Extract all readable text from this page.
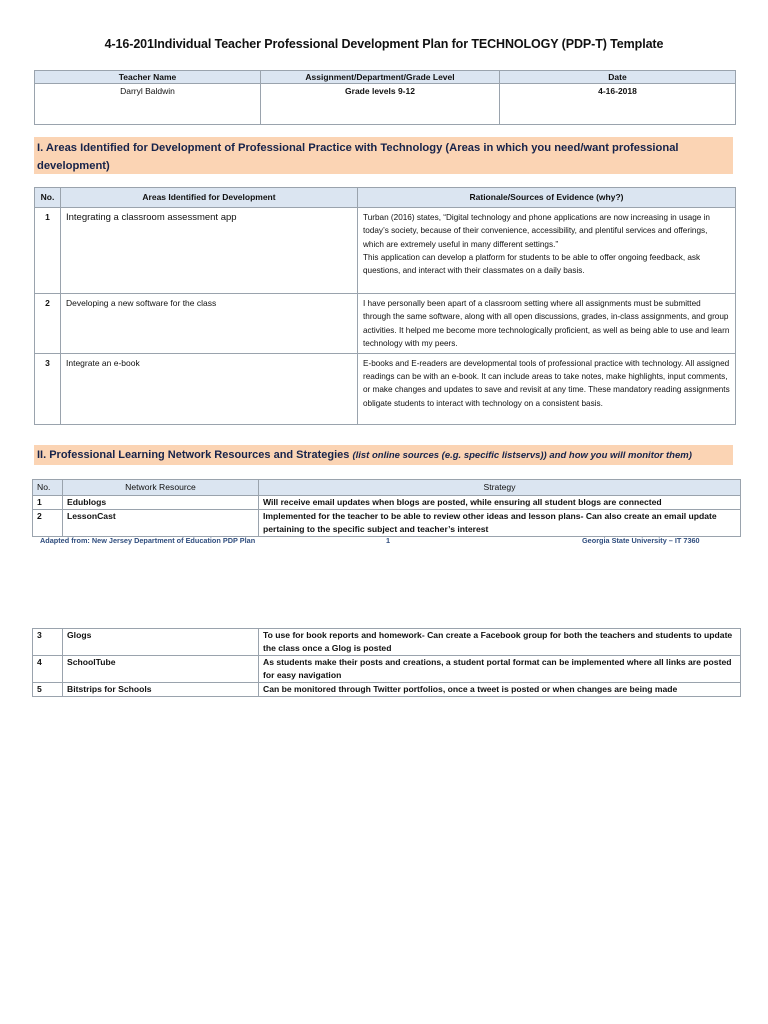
4-16-201Individual Teacher Professional Development Plan for TECHNOLOGY (PDP-T) Template
Teacher Name	Assignment/Department/Grade Level	Date
Darryl Baldwin	Grade levels 9-12	4-16-2018
I. Areas Identified for Development of Professional Practice with Technology (Areas in which you need/want professional development)
No.	Areas Identified for Development	Rationale/Sources of Evidence (why?)
1	Integrating a classroom assessment app	Turban (2016) states, “Digital technology and phone applications are now increasing in usage in today’s society, because of their convenience, accessibility, and plentiful services and offerings, which are extremely useful in many different settings.”
This application can develop a platform for students to be able to offer ongoing feedback, ask questions, and interact with their classmates on a daily basis.

2	Developing a new software for the class	I have personally been apart of a classroom setting where all assignments must be submitted through the same software, along with all open discussions, grades, in-class assignments, and group activities. It helped me become more technologically proficient, as well as being able to use and learn technology with my peers.
3	Integrate an e-book	E-books and E-readers are developmental tools of professional practice with technology. All assigned readings can be with an e-book. It can include areas to take notes, make highlights, input comments, or make changes and updates to save and revisit at any time. These mandatory reading assignments obligate students to interact with technology on a consistent basis.
II. Professional Learning Network Resources and Strategies (list online sources (e.g. specific listservs)) and how you will monitor them)
No.	Network Resource	Strategy
1	Edublogs	Will receive email updates when blogs are posted, while ensuring all student blogs are connected
2	LessonCast	Implemented for the teacher to be able to review other ideas and lesson plans- Can also create an email update pertaining to the specific subject and teacher’s interest
Adapted from: New Jersey Department of Education PDP Plan	1	Georgia State University – IT 7360
3	Glogs	To use for book reports and homework- Can create a Facebook group for both the teachers and students to update the class once a Glog is posted
4	SchoolTube	As students make their posts and creations, a student portal format can be implemented where all links are posted for easy navigation
5	Bitstrips for Schools	Can be monitored through Twitter portfolios, once a tweet is posted or when changes are being made
